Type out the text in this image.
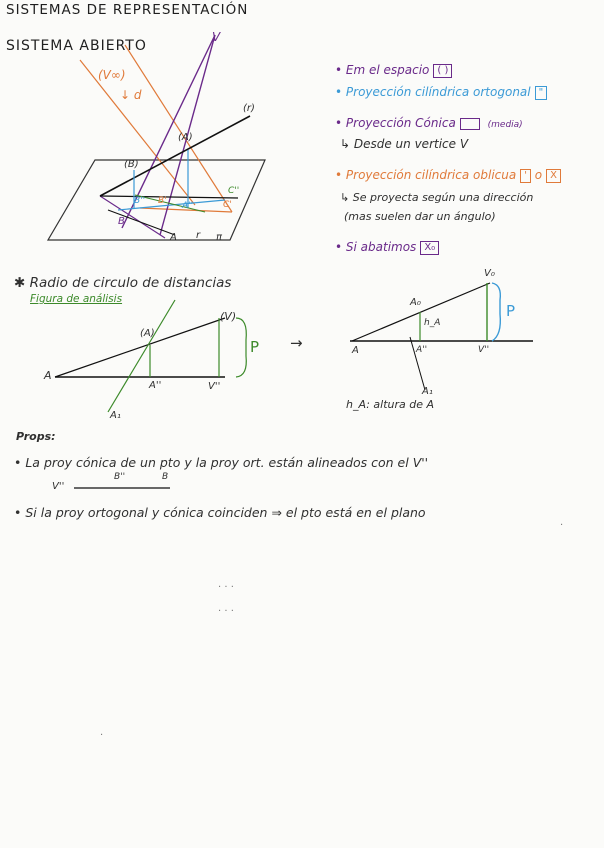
SISTEMAS DE REPRESENTACIÓN
SISTEMA ABIERTO
(V∞)
↓ d
V
(r)
(A)
(B)
A''
B'' B'	C'
C''
A
B
r π
• Em el espacio ( )
• Proyección cilíndrica ortogonal "
• Proyección Cónica	(media)
↳ Desde un vertice V
• Proyección cilíndrica oblicua ' o X
↳ Se proyecta según una dirección
(mas suelen dar un ángulo)
• Si abatimos X₀
✱ Radio de circulo de distancias
Figura de análisis
(A)
(V)
A
A''	V''
A₁
P →
V₀
A₀
h_A
P
A	A''	V''
A₁
h_A: altura de A
Props:
• La proy cónica de un pto y la proy ort. están alineados con el V''
V''
B''	B
• Si la proy ortogonal y cónica coinciden ⇒ el pto está en el plano
· · ·
· · ·
·
·
